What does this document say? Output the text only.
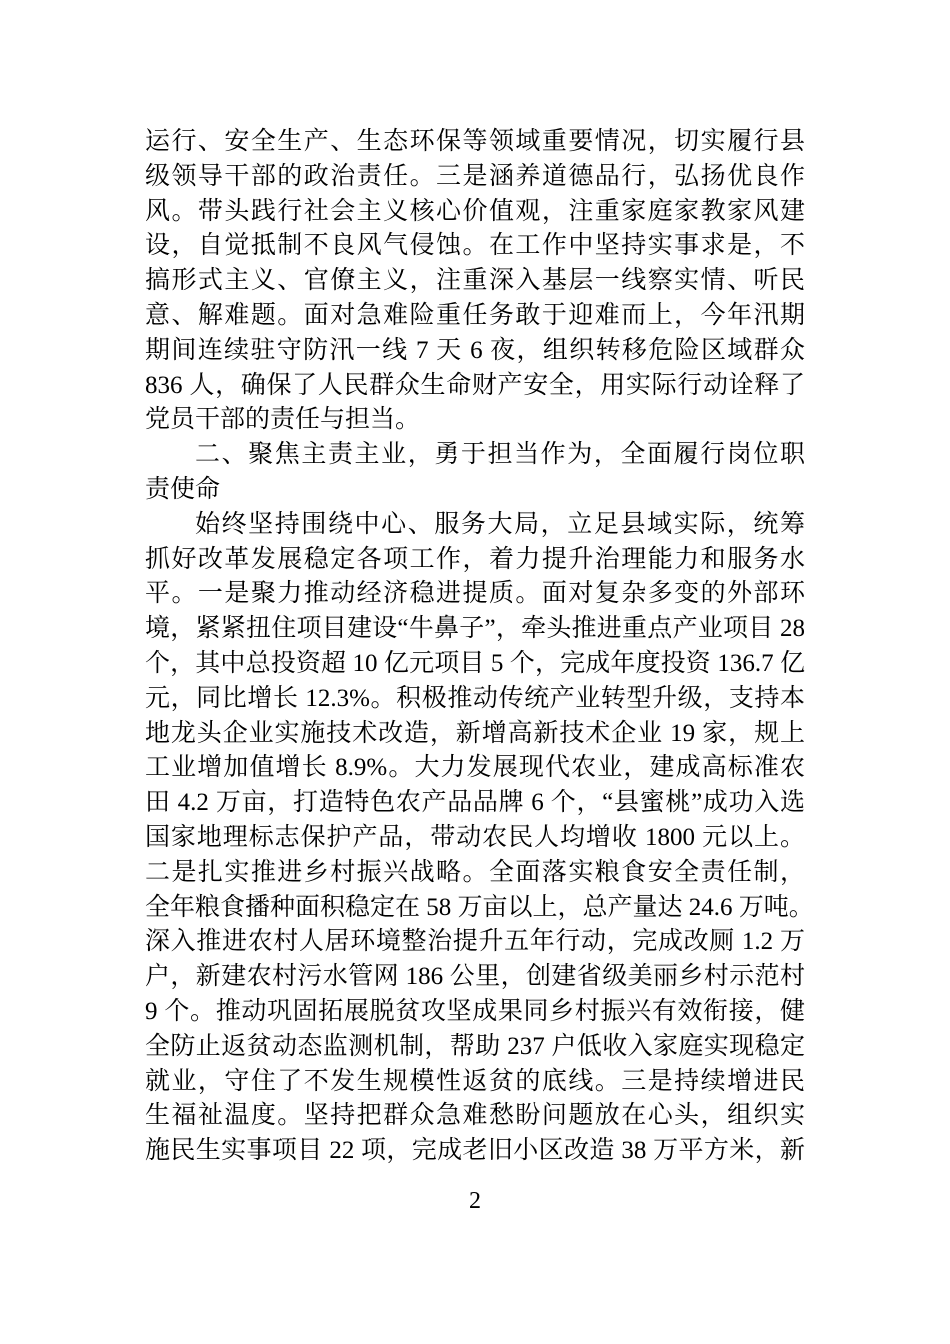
运行、安全生产、生态环保等领域重要情况，切实履行县
级领导干部的政治责任。三是涵养道德品行，弘扬优良作
风。带头践行社会主义核心价值观，注重家庭家教家风建
设，自觉抵制不良风气侵蚀。在工作中坚持实事求是，不
搞形式主义、官僚主义，注重深入基层一线察实情、听民
意、解难题。面对急难险重任务敢于迎难而上，今年汛期
期间连续驻守防汛一线 7 天 6 夜，组织转移危险区域群众
836 人，确保了人民群众生命财产安全，用实际行动诠释了
党员干部的责任与担当。
二、聚焦主责主业，勇于担当作为，全面履行岗位职
责使命
始终坚持围绕中心、服务大局，立足县域实际，统筹
抓好改革发展稳定各项工作，着力提升治理能力和服务水
平。一是聚力推动经济稳进提质。面对复杂多变的外部环
境，紧紧扭住项目建设“牛鼻子”，牵头推进重点产业项目 28
个，其中总投资超 10 亿元项目 5 个，完成年度投资 136.7 亿
元，同比增长 12.3%。积极推动传统产业转型升级，支持本
地龙头企业实施技术改造，新增高新技术企业 19 家，规上
工业增加值增长 8.9%。大力发展现代农业，建成高标准农
田 4.2 万亩，打造特色农产品品牌 6 个，“县蜜桃”成功入选
国家地理标志保护产品，带动农民人均增收 1800 元以上。
二是扎实推进乡村振兴战略。全面落实粮食安全责任制，
全年粮食播种面积稳定在 58 万亩以上，总产量达 24.6 万吨。
深入推进农村人居环境整治提升五年行动，完成改厕 1.2 万
户，新建农村污水管网 186 公里，创建省级美丽乡村示范村
9 个。推动巩固拓展脱贫攻坚成果同乡村振兴有效衔接，健
全防止返贫动态监测机制，帮助 237 户低收入家庭实现稳定
就业，守住了不发生规模性返贫的底线。三是持续增进民
生福祉温度。坚持把群众急难愁盼问题放在心头，组织实
施民生实事项目 22 项，完成老旧小区改造 38 万平方米，新
2
